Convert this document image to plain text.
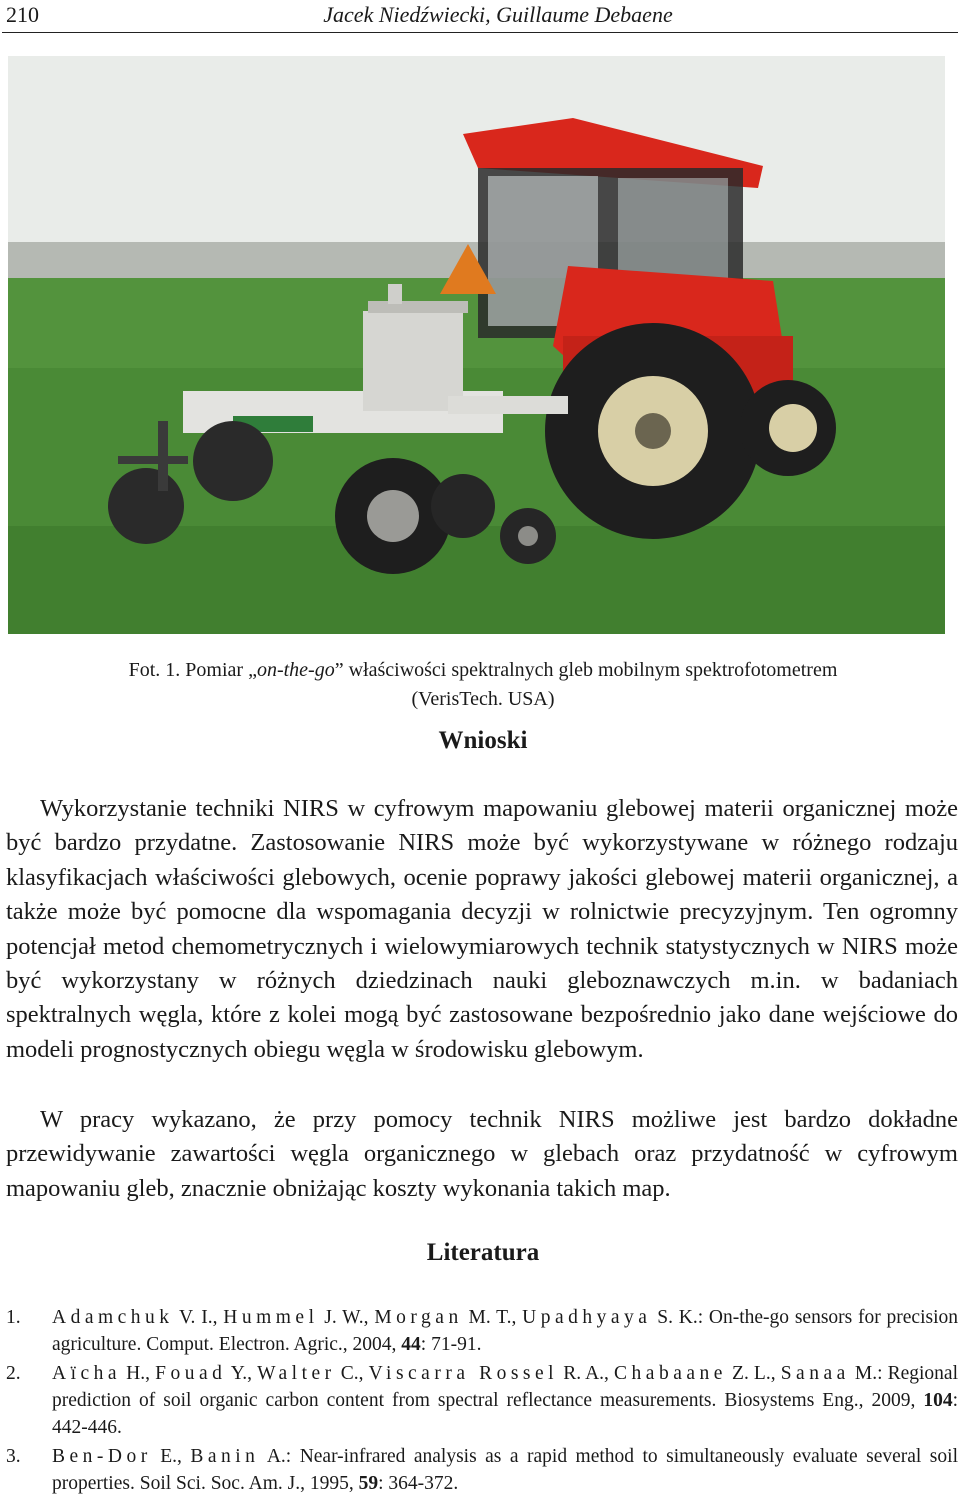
210	Jacek Niedźwiecki, Guillaume Debaene
Fot. 1. Pomiar „on-the-go” właściwości spektralnych gleb mobilnym spektrofotometrem
(VerisTech. USA)
Wnioski

Wykorzystanie techniki NIRS w cyfrowym mapowaniu glebowej materii organicznej może być bardzo przydatne. Zastosowanie NIRS może być wykorzystywane w różnego rodzaju klasyfikacjach właściwości glebowych, ocenie poprawy jakości glebowej materii organicznej, a także może być pomocne dla wspomagania decyzji w rolnictwie precyzyjnym. Ten ogromny potencjał metod chemometrycznych i wielowymiarowych technik statystycznych w NIRS może być wykorzystany w różnych dziedzinach nauki gleboznawczych m.in. w badaniach spektralnych węgla, które z kolei mogą być zastosowane bezpośrednio jako dane wejściowe do modeli prognostycznych obiegu węgla w środowisku glebowym.

W pracy wykazano, że przy pomocy technik NIRS możliwe jest bardzo dokładne przewidywanie zawartości węgla organicznego w glebach oraz przydatność w cyfrowym mapowaniu gleb, znacznie obniżając koszty wykonania takich map.

Literatura
1. Adamchuk V. I., Hummel J. W., Morgan M. T., Upadhyaya S. K.: On-the-go sensors for precision agriculture. Comput. Electron. Agric., 2004, 44: 71-91.
2. Aïcha H., Fouad Y., Walter C., Viscarra Rossel R. A., Chabaane Z. L., Sanaa M.: Regional prediction of soil organic carbon content from spectral reflectance measurements. Biosystems Eng., 2009, 104: 442-446.
3. Ben-Dor E., Banin A.: Near-infrared analysis as a rapid method to simultaneously evaluate several soil properties. Soil Sci. Soc. Am. J., 1995, 59: 364-372.
